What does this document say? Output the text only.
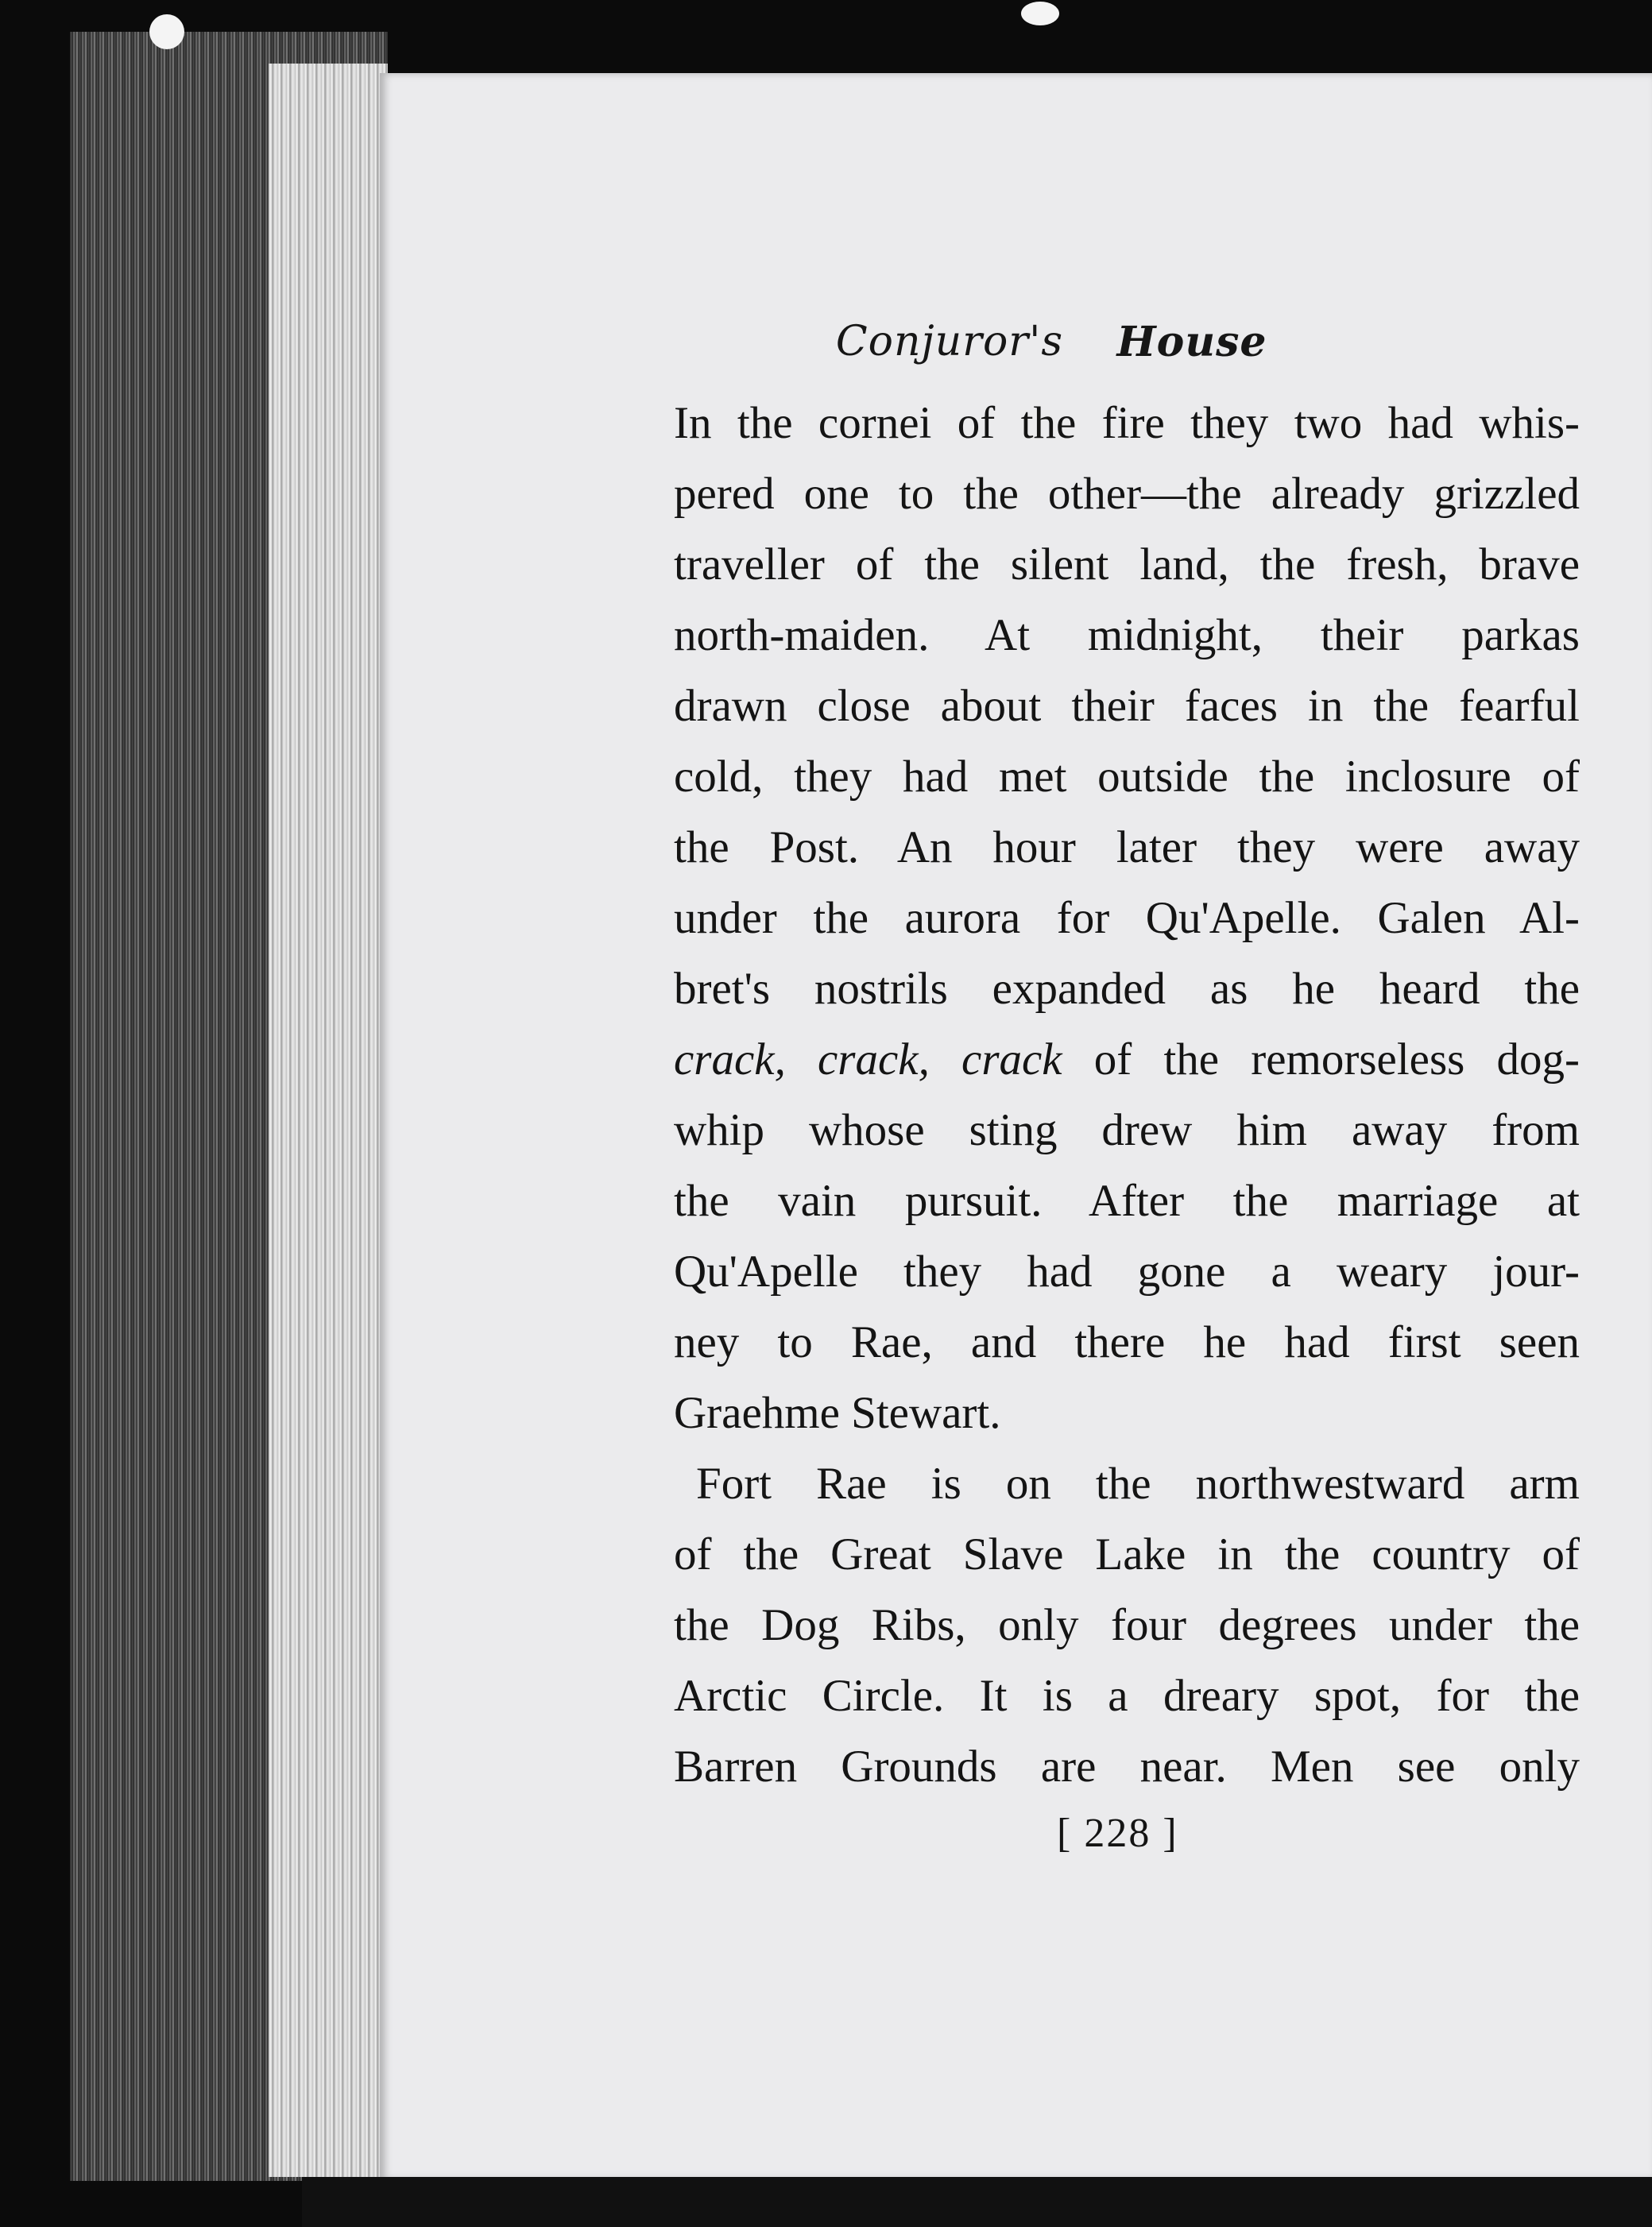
Conjuror's House
In the cornei of the fire they two had whis-
pered one to the other—the already grizzled
traveller of the silent land, the fresh, brave
north-maiden. At midnight, their parkas
drawn close about their faces in the fearful
cold, they had met outside the inclosure of
the Post. An hour later they were away
under the aurora for Qu'Apelle. Galen Al-
bret's nostrils expanded as he heard the
crack, crack, crack of the remorseless dog-
whip whose sting drew him away from
the vain pursuit. After the marriage at
Qu'Apelle they had gone a weary jour-
ney to Rae, and there he had first seen
Graehme Stewart.
Fort Rae is on the northwestward arm
of the Great Slave Lake in the country of
the Dog Ribs, only four degrees under the
Arctic Circle. It is a dreary spot, for the
Barren Grounds are near. Men see only
[ 228 ]
